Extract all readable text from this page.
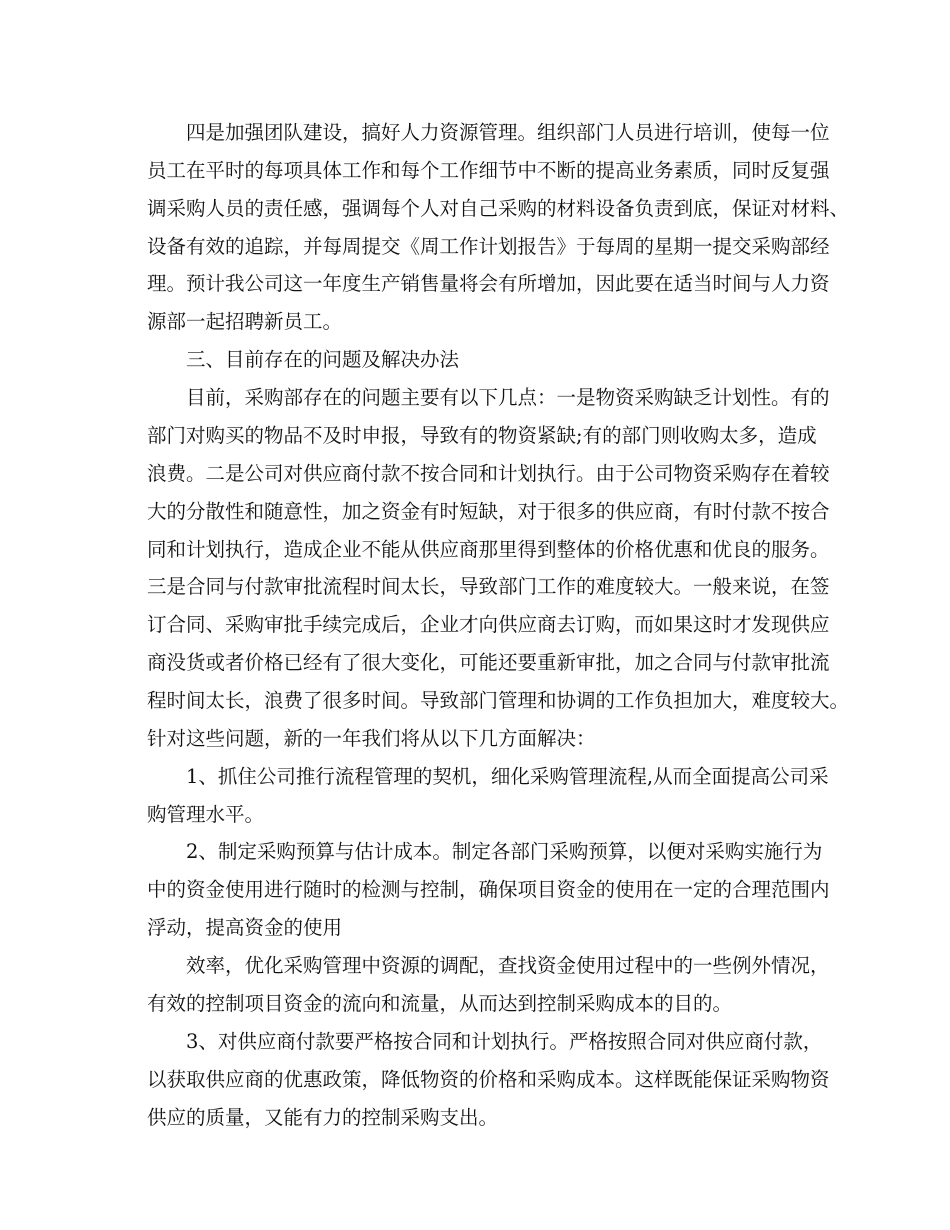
四是加强团队建设，搞好人力资源管理。组织部门人员进行培训，使每一位

员工在平时的每项具体工作和每个工作细节中不断的提高业务素质，同时反复强

调采购人员的责任感，强调每个人对自己采购的材料设备负责到底，保证对材料、

设备有效的追踪，并每周提交《周工作计划报告》于每周的星期一提交采购部经

理。预计我公司这一年度生产销售量将会有所增加，因此要在适当时间与人力资

源部一起招聘新员工。

三、目前存在的问题及解决办法

目前，采购部存在的问题主要有以下几点：一是物资采购缺乏计划性。有的

部门对购买的物品不及时申报，导致有的物资紧缺;有的部门则收购太多，造成

浪费。二是公司对供应商付款不按合同和计划执行。由于公司物资采购存在着较

大的分散性和随意性，加之资金有时短缺，对于很多的供应商，有时付款不按合

同和计划执行，造成企业不能从供应商那里得到整体的价格优惠和优良的服务。

三是合同与付款审批流程时间太长，导致部门工作的难度较大。一般来说，在签

订合同、采购审批手续完成后，企业才向供应商去订购，而如果这时才发现供应

商没货或者价格已经有了很大变化，可能还要重新审批，加之合同与付款审批流

程时间太长，浪费了很多时间。导致部门管理和协调的工作负担加大，难度较大。

针对这些问题，新的一年我们将从以下几方面解决：

1、抓住公司推行流程管理的契机，细化采购管理流程,从而全面提高公司采

购管理水平。

2、制定采购预算与估计成本。制定各部门采购预算，以便对采购实施行为

中的资金使用进行随时的检测与控制，确保项目资金的使用在一定的合理范围内

浮动，提高资金的使用

效率，优化采购管理中资源的调配，查找资金使用过程中的一些例外情况，

有效的控制项目资金的流向和流量，从而达到控制采购成本的目的。

3、对供应商付款要严格按合同和计划执行。严格按照合同对供应商付款，

以获取供应商的优惠政策，降低物资的价格和采购成本。这样既能保证采购物资

供应的质量，又能有力的控制采购支出。
